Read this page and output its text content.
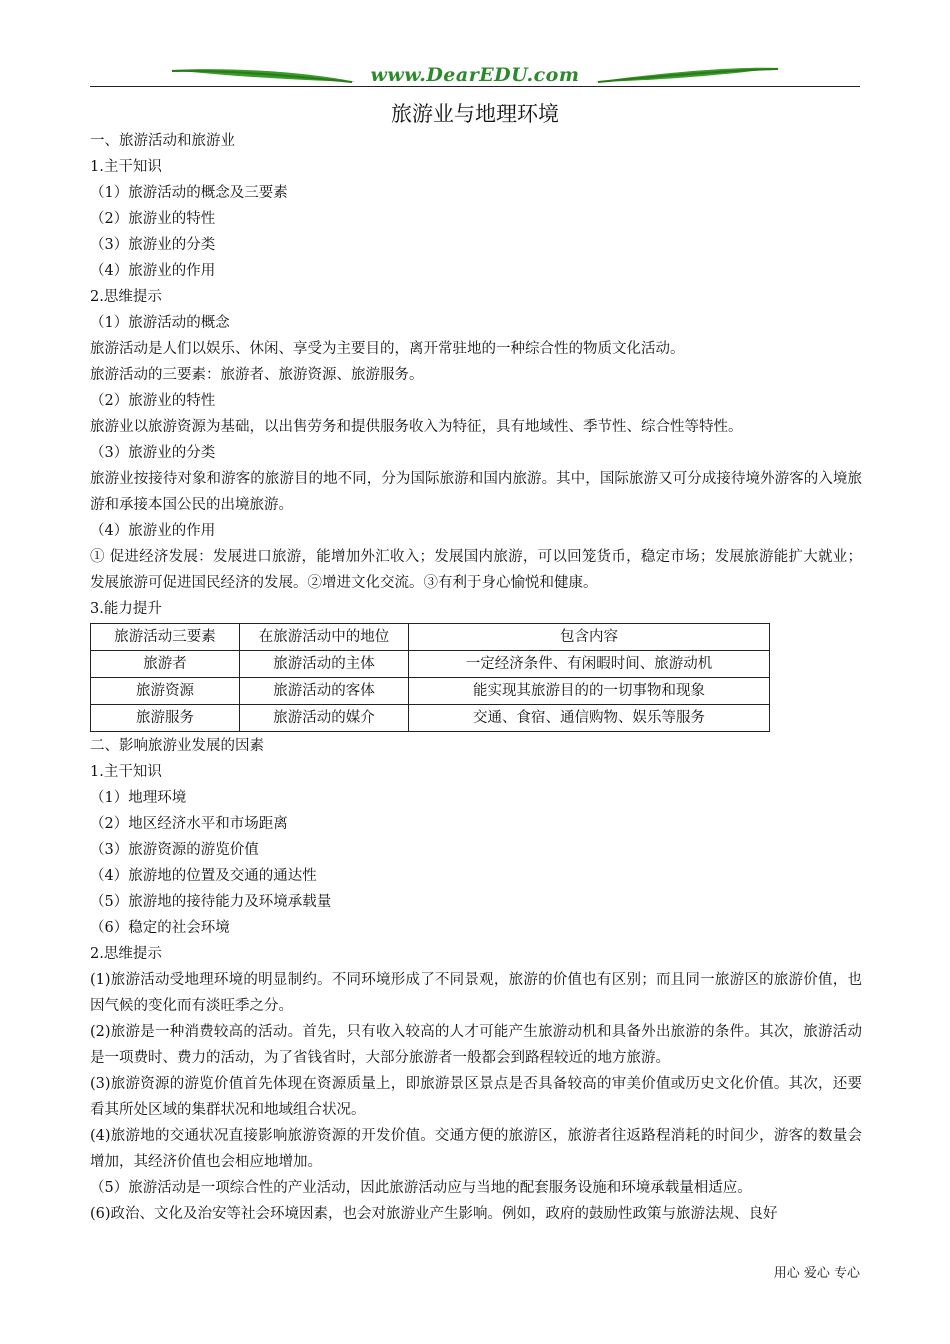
www.DearEDU.com
旅游业与地理环境
一、旅游活动和旅游业
1.主干知识
（1）旅游活动的概念及三要素
（2）旅游业的特性
（3）旅游业的分类
（4）旅游业的作用
2.思维提示
（1）旅游活动的概念
旅游活动是人们以娱乐、休闲、享受为主要目的，离开常驻地的一种综合性的物质文化活动。
旅游活动的三要素：旅游者、旅游资源、旅游服务。
（2）旅游业的特性
旅游业以旅游资源为基础，以出售劳务和提供服务收入为特征，具有地域性、季节性、综合性等特性。
（3）旅游业的分类
旅游业按接待对象和游客的旅游目的地不同，分为国际旅游和国内旅游。其中，国际旅游又可分成接待境外游客的入境旅游和承接本国公民的出境旅游。
（4）旅游业的作用
① 促进经济发展：发展进口旅游，能增加外汇收入；发展国内旅游，可以回笼货币，稳定市场；发展旅游能扩大就业；发展旅游可促进国民经济的发展。②增进文化交流。③有利于身心愉悦和健康。
3.能力提升
旅游活动三要素	在旅游活动中的地位	包含内容
旅游者	旅游活动的主体	一定经济条件、有闲暇时间、旅游动机
旅游资源	旅游活动的客体	能实现其旅游目的的一切事物和现象
旅游服务	旅游活动的媒介	交通、食宿、通信购物、娱乐等服务
二、影响旅游业发展的因素
1.主干知识
（1）地理环境
（2）地区经济水平和市场距离
（3）旅游资源的游览价值
（4）旅游地的位置及交通的通达性
（5）旅游地的接待能力及环境承载量
（6）稳定的社会环境
2.思维提示
(1)旅游活动受地理环境的明显制约。不同环境形成了不同景观，旅游的价值也有区别；而且同一旅游区的旅游价值，也因气候的变化而有淡旺季之分。
(2)旅游是一种消费较高的活动。首先，只有收入较高的人才可能产生旅游动机和具备外出旅游的条件。其次，旅游活动是一项费时、费力的活动，为了省钱省时，大部分旅游者一般都会到路程较近的地方旅游。
(3)旅游资源的游览价值首先体现在资源质量上，即旅游景区景点是否具备较高的审美价值或历史文化价值。其次，还要看其所处区域的集群状况和地域组合状况。
(4)旅游地的交通状况直接影响旅游资源的开发价值。交通方便的旅游区，旅游者往返路程消耗的时间少，游客的数量会增加，其经济价值也会相应地增加。
（5）旅游活动是一项综合性的产业活动，因此旅游活动应与当地的配套服务设施和环境承载量相适应。
(6)政治、文化及治安等社会环境因素，也会对旅游业产生影响。例如，政府的鼓励性政策与旅游法规、良好
用心 爱心 专心
